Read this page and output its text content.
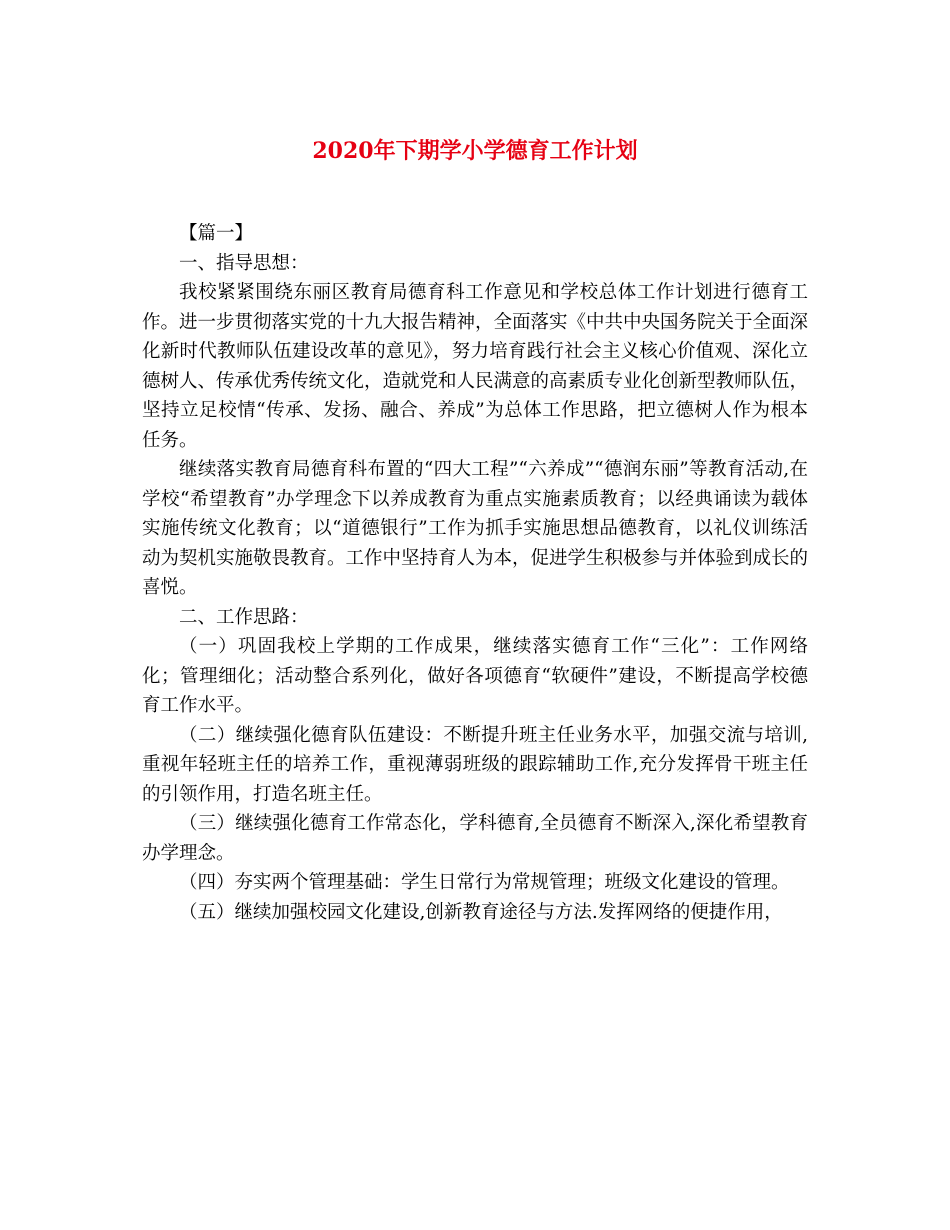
2020年下期学小学德育工作计划

【篇一】

一、指导思想：

我校紧紧围绕东丽区教育局德育科工作意见和学校总体工作计划进行德育工作。进一步贯彻落实党的十九大报告精神，全面落实《中共中央国务院关于全面深化新时代教师队伍建设改革的意见》，努力培育践行社会主义核心价值观、深化立德树人、传承优秀传统文化，造就党和人民满意的高素质专业化创新型教师队伍，坚持立足校情“传承、发扬、融合、养成”为总体工作思路，把立德树人作为根本任务。

继续落实教育局德育科布置的“四大工程”“六养成”“德润东丽”等教育活动,在学校“希望教育”办学理念下以养成教育为重点实施素质教育；以经典诵读为载体实施传统文化教育；以“道德银行”工作为抓手实施思想品德教育，以礼仪训练活动为契机实施敬畏教育。工作中坚持育人为本，促进学生积极参与并体验到成长的喜悦。

二、工作思路：

（一）巩固我校上学期的工作成果，继续落实德育工作“三化”：工作网络化；管理细化；活动整合系列化，做好各项德育“软硬件”建设，不断提高学校德育工作水平。

（二）继续强化德育队伍建设：不断提升班主任业务水平，加强交流与培训,重视年轻班主任的培养工作，重视薄弱班级的跟踪辅助工作,充分发挥骨干班主任的引领作用，打造名班主任。

（三）继续强化德育工作常态化，学科德育,全员德育不断深入,深化希望教育办学理念。

（四）夯实两个管理基础：学生日常行为常规管理；班级文化建设的管理。

（五）继续加强校园文化建设,创新教育途径与方法.发挥网络的便捷作用，
